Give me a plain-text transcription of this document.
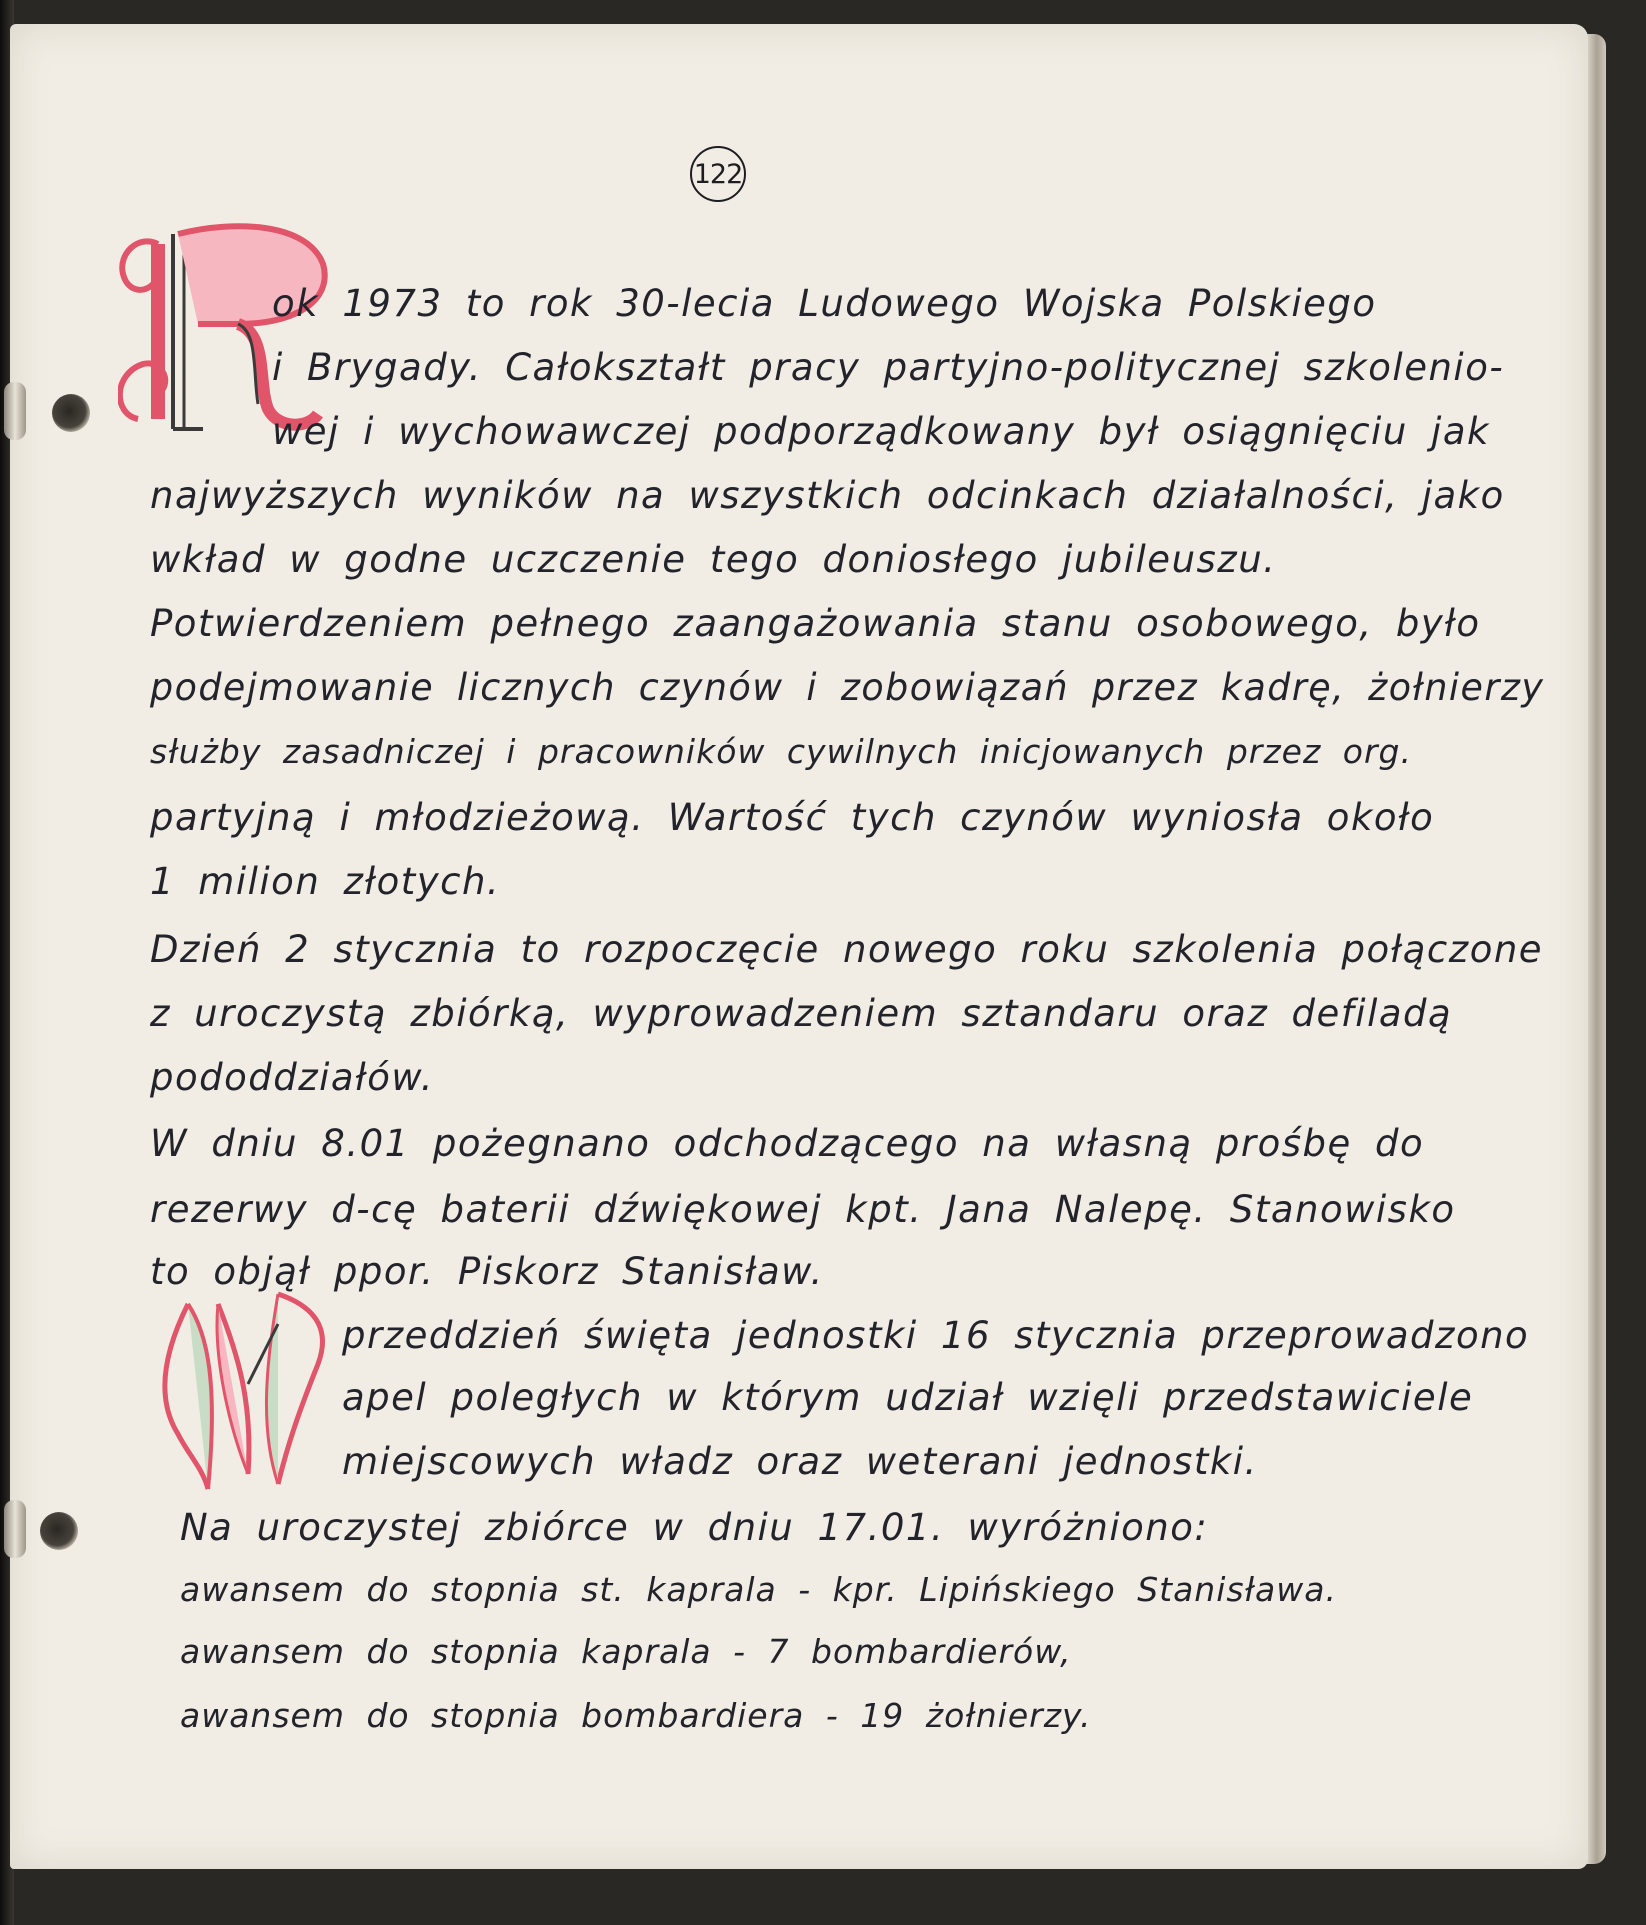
122
ok 1973 to rok 30-lecia Ludowego Wojska Polskiego
i Brygady. Całokształt pracy partyjno-politycznej szkolenio-
wej i wychowawczej podporządkowany był osiągnięciu jak
najwyższych wyników na wszystkich odcinkach działalności, jako
wkład w godne uczczenie tego doniosłego jubileuszu.
Potwierdzeniem pełnego zaangażowania stanu osobowego, było
podejmowanie licznych czynów i zobowiązań przez kadrę, żołnierzy
służby zasadniczej i pracowników cywilnych inicjowanych przez org.
partyjną i młodzieżową. Wartość tych czynów wyniosła około
1 milion złotych.
Dzień 2 stycznia to rozpoczęcie nowego roku szkolenia połączone
z uroczystą zbiórką, wyprowadzeniem sztandaru oraz defiladą
pododdziałów.
W dniu 8.01 pożegnano odchodzącego na własną prośbę do
rezerwy d-cę baterii dźwiękowej kpt. Jana Nalepę. Stanowisko
to objął ppor. Piskorz Stanisław.
przeddzień święta jednostki 16 stycznia przeprowadzono
apel poległych w którym udział wzięli przedstawiciele
miejscowych władz oraz weterani jednostki.
Na uroczystej zbiórce w dniu 17.01. wyróżniono:
awansem do stopnia st. kaprala - kpr. Lipińskiego Stanisława.
awansem do stopnia kaprala - 7 bombardierów,
awansem do stopnia bombardiera - 19 żołnierzy.
